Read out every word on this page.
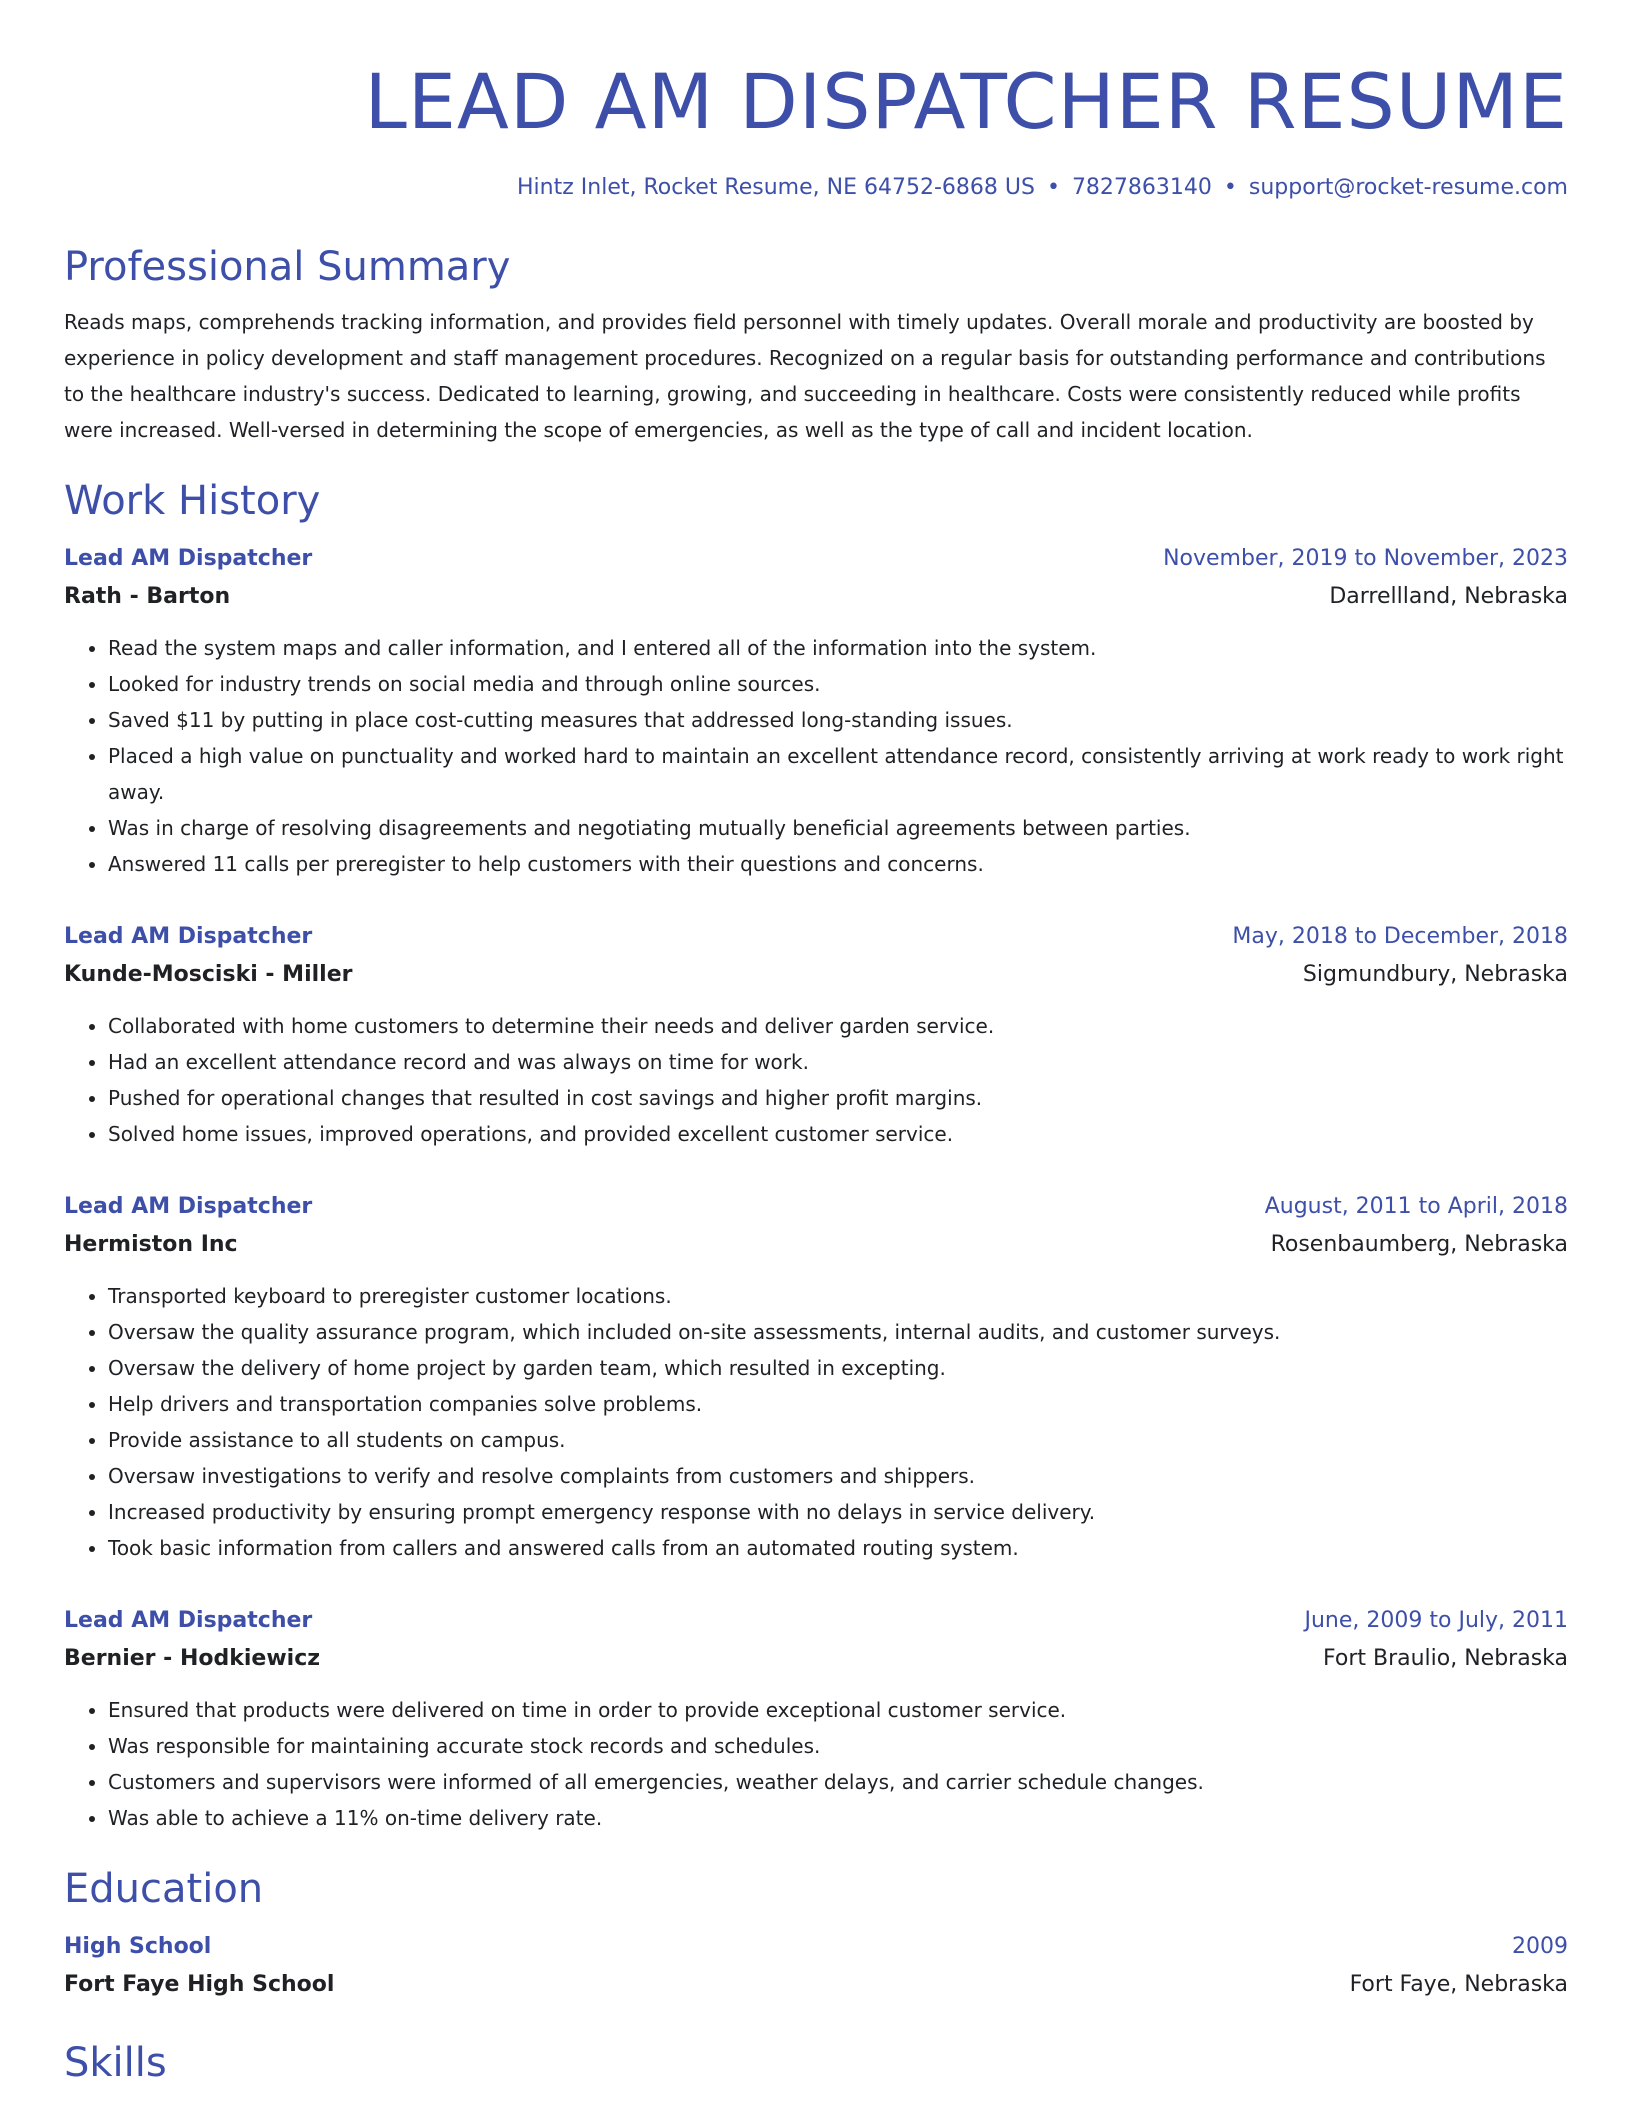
LEAD AM DISPATCHER RESUME
Hintz Inlet, Rocket Resume, NE 64752-6868 US • 7827863140 • support@rocket-resume.com
Professional Summary
Reads maps, comprehends tracking information, and provides field personnel with timely updates. Overall morale and productivity are boosted by experience in policy development and staff management procedures. Recognized on a regular basis for outstanding performance and contributions to the healthcare industry's success. Dedicated to learning, growing, and succeeding in healthcare. Costs were consistently reduced while profits were increased. Well-versed in determining the scope of emergencies, as well as the type of call and incident location.
Work History
Lead AM Dispatcher	November, 2019 to November, 2023
Rath - Barton	Darrellland, Nebraska
• Read the system maps and caller information, and I entered all of the information into the system.
• Looked for industry trends on social media and through online sources.
• Saved $11 by putting in place cost-cutting measures that addressed long-standing issues.
• Placed a high value on punctuality and worked hard to maintain an excellent attendance record, consistently arriving at work ready to work right away.
• Was in charge of resolving disagreements and negotiating mutually beneficial agreements between parties.
• Answered 11 calls per preregister to help customers with their questions and concerns.
Lead AM Dispatcher	May, 2018 to December, 2018
Kunde-Mosciski - Miller	Sigmundbury, Nebraska
• Collaborated with home customers to determine their needs and deliver garden service.
• Had an excellent attendance record and was always on time for work.
• Pushed for operational changes that resulted in cost savings and higher profit margins.
• Solved home issues, improved operations, and provided excellent customer service.
Lead AM Dispatcher	August, 2011 to April, 2018
Hermiston Inc	Rosenbaumberg, Nebraska
• Transported keyboard to preregister customer locations.
• Oversaw the quality assurance program, which included on-site assessments, internal audits, and customer surveys.
• Oversaw the delivery of home project by garden team, which resulted in excepting.
• Help drivers and transportation companies solve problems.
• Provide assistance to all students on campus.
• Oversaw investigations to verify and resolve complaints from customers and shippers.
• Increased productivity by ensuring prompt emergency response with no delays in service delivery.
• Took basic information from callers and answered calls from an automated routing system.
Lead AM Dispatcher	June, 2009 to July, 2011
Bernier - Hodkiewicz	Fort Braulio, Nebraska
• Ensured that products were delivered on time in order to provide exceptional customer service.
• Was responsible for maintaining accurate stock records and schedules.
• Customers and supervisors were informed of all emergencies, weather delays, and carrier schedule changes.
• Was able to achieve a 11% on-time delivery rate.
Education
High School	2009
Fort Faye High School	Fort Faye, Nebraska
Skills
